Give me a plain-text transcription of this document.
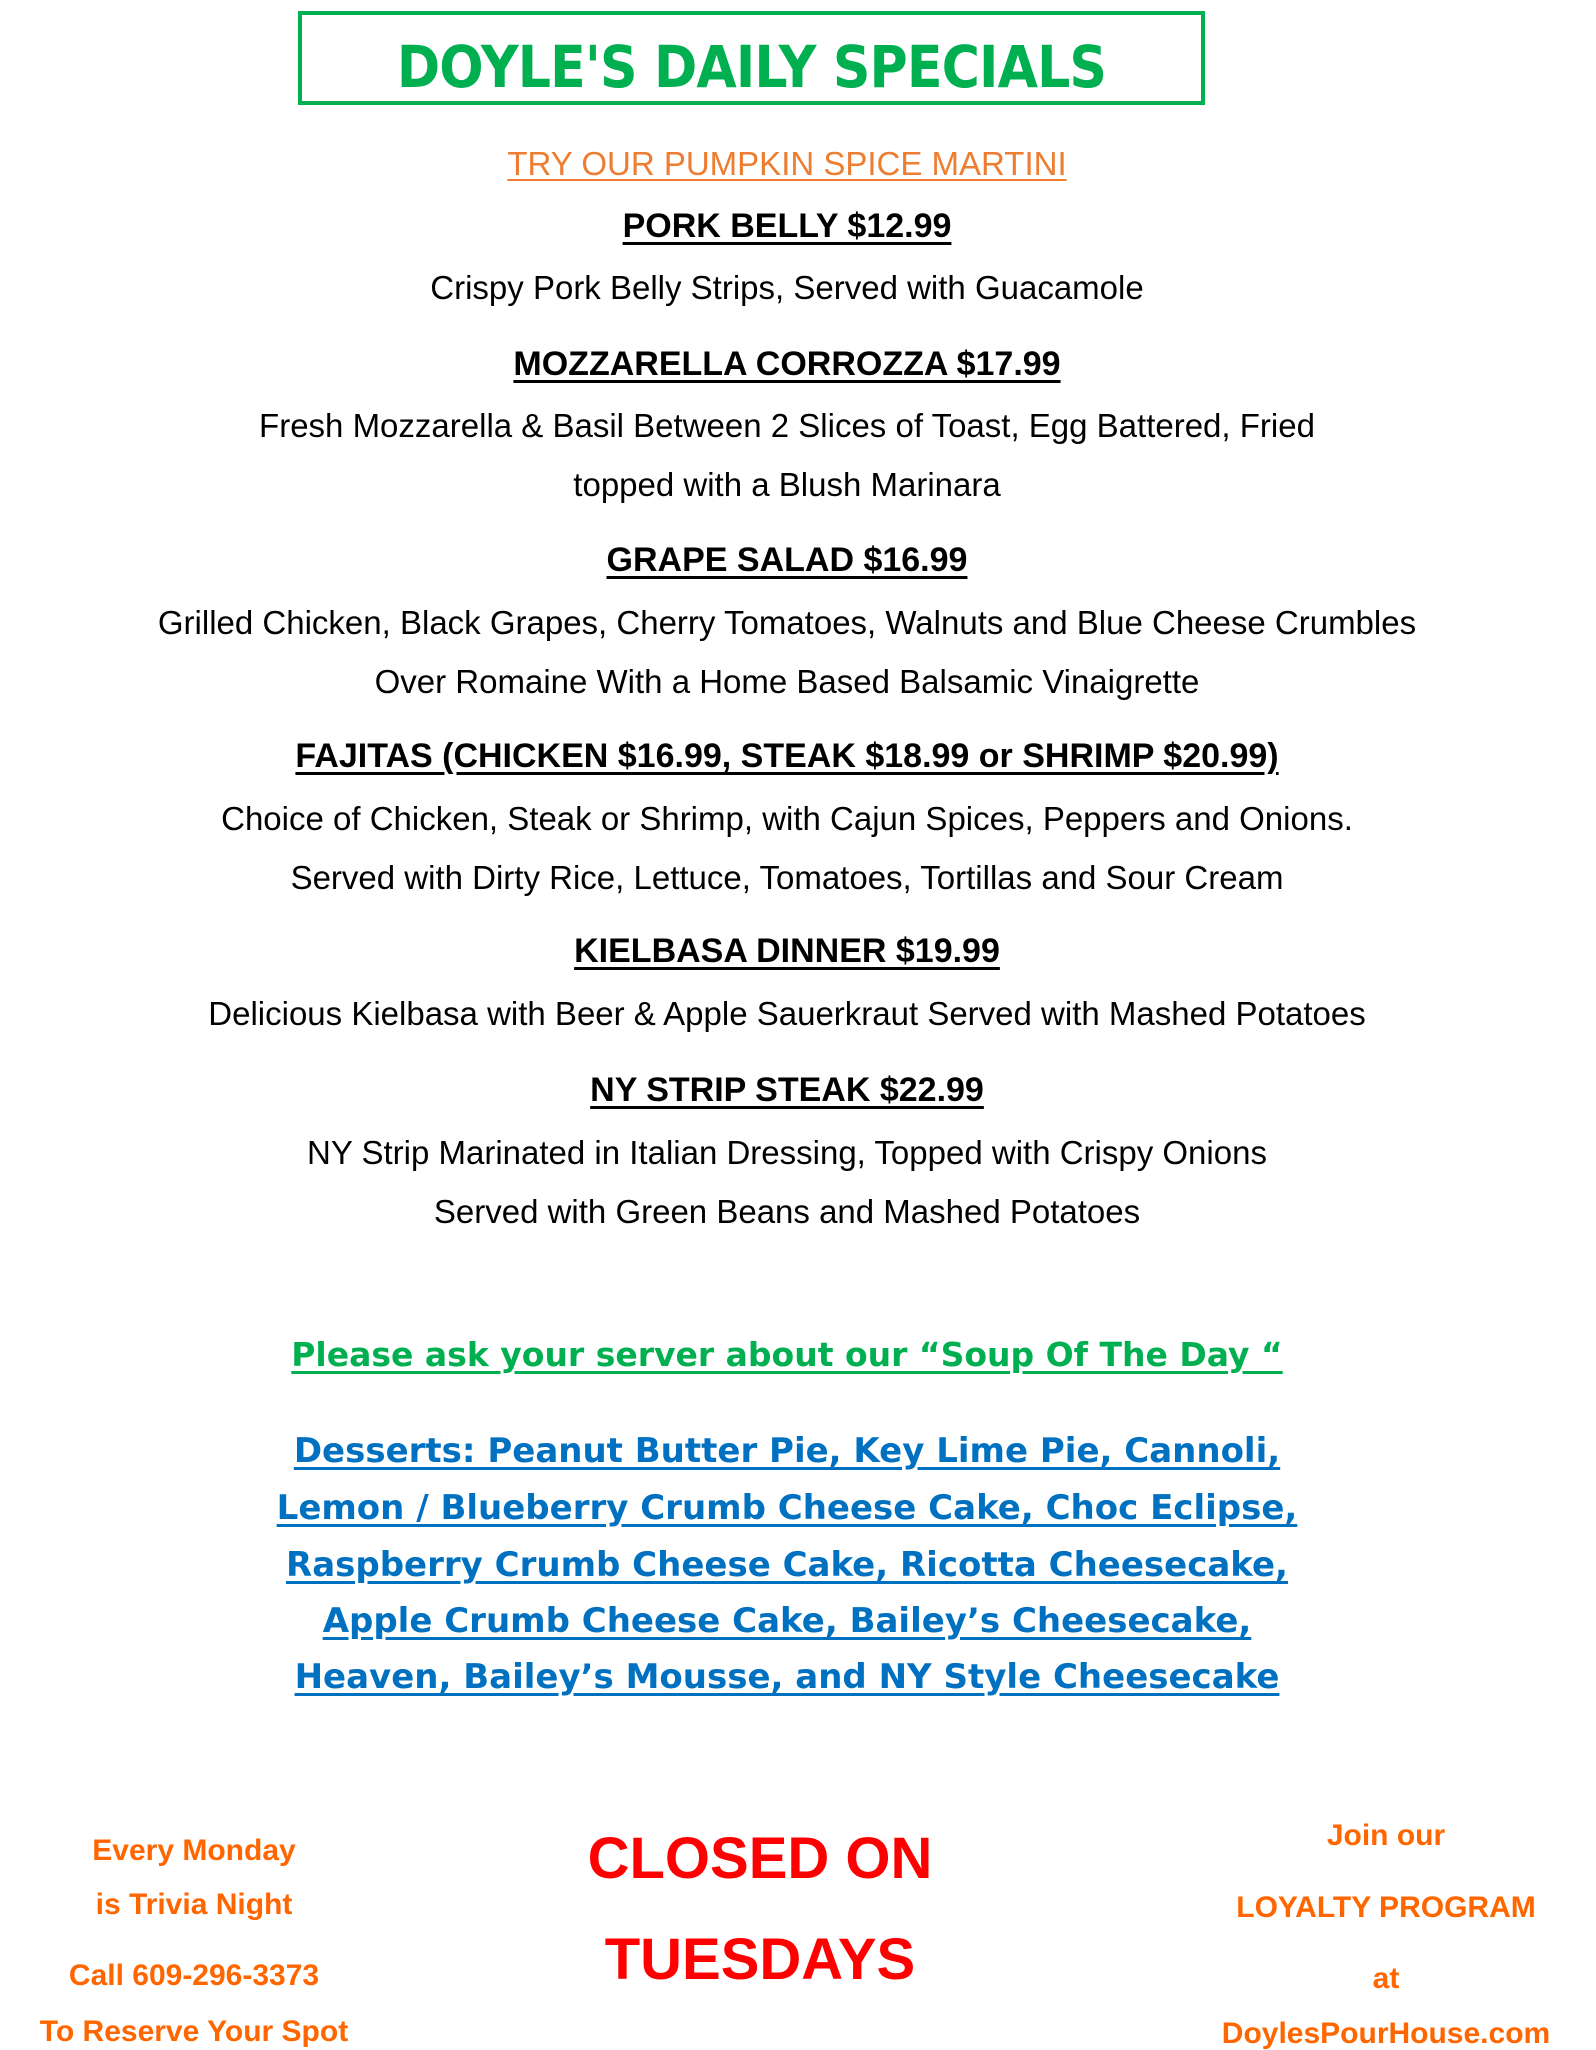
DOYLE'S DAILY SPECIALS
TRY OUR PUMPKIN SPICE MARTINI
PORK BELLY $12.99
Crispy Pork Belly Strips, Served with Guacamole
MOZZARELLA CORROZZA $17.99
Fresh Mozzarella & Basil Between 2 Slices of Toast, Egg Battered, Fried
topped with a Blush Marinara
GRAPE SALAD $16.99
Grilled Chicken, Black Grapes, Cherry Tomatoes, Walnuts and Blue Cheese Crumbles
Over Romaine With a Home Based Balsamic Vinaigrette
FAJITAS (CHICKEN $16.99, STEAK $18.99 or SHRIMP $20.99)
Choice of Chicken, Steak or Shrimp, with Cajun Spices, Peppers and Onions.
Served with Dirty Rice, Lettuce, Tomatoes, Tortillas and Sour Cream
KIELBASA DINNER $19.99
Delicious Kielbasa with Beer & Apple Sauerkraut Served with Mashed Potatoes
NY STRIP STEAK $22.99
NY Strip Marinated in Italian Dressing, Topped with Crispy Onions
Served with Green Beans and Mashed Potatoes
Please ask your server about our “Soup Of The Day “
Desserts: Peanut Butter Pie, Key Lime Pie, Cannoli,
Lemon / Blueberry Crumb Cheese Cake, Choc Eclipse,
Raspberry Crumb Cheese Cake, Ricotta Cheesecake,
Apple Crumb Cheese Cake, Bailey’s Cheesecake,
Heaven, Bailey’s Mousse, and NY Style Cheesecake
Every Monday
is Trivia Night
Call 609-296-3373
To Reserve Your Spot
CLOSED ON
TUESDAYS
Join our
LOYALTY PROGRAM
at
DoylesPourHouse.com
